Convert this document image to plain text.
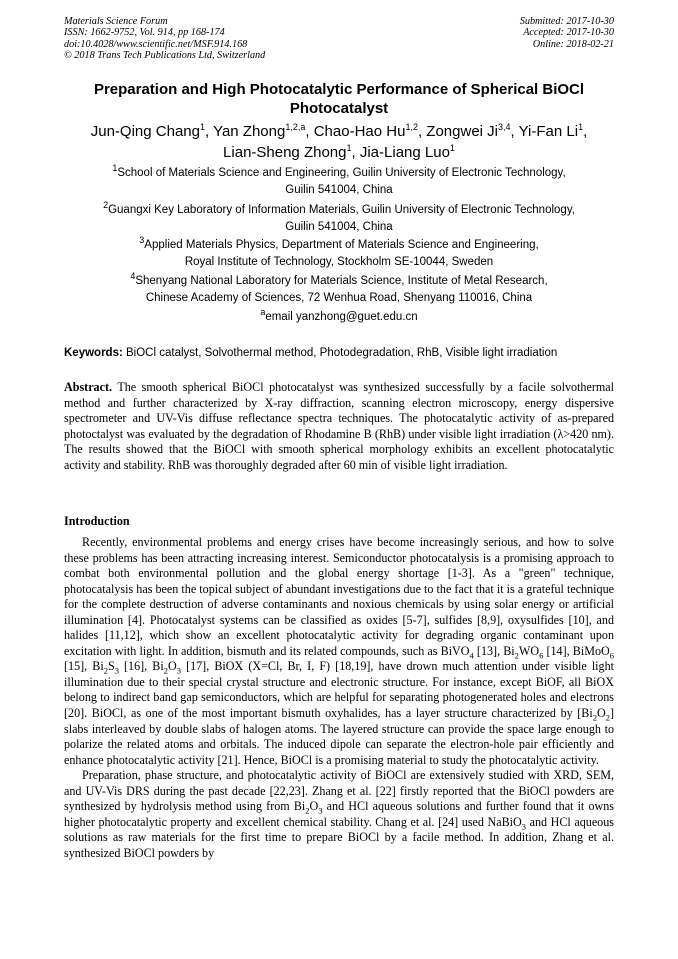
Materials Science Forum
ISSN: 1662-9752, Vol. 914, pp 168-174
doi:10.4028/www.scientific.net/MSF.914.168
© 2018 Trans Tech Publications Ltd, Switzerland
Submitted: 2017-10-30
Accepted: 2017-10-30
Online: 2018-02-21
Preparation and High Photocatalytic Performance of Spherical BiOCl Photocatalyst
Jun-Qing Chang$^1$, Yan Zhong$^{1,2,a}$, Chao-Hao Hu$^{1,2}$, Zongwei Ji$^{3,4}$, Yi-Fan Li$^1$,
Lian-Sheng Zhong$^1$, Jia-Liang Luo$^1$
$^1$School of Materials Science and Engineering, Guilin University of Electronic Technology,
Guilin 541004, China
$^2$Guangxi Key Laboratory of Information Materials, Guilin University of Electronic Technology,
Guilin 541004, China
$^3$Applied Materials Physics, Department of Materials Science and Engineering,
Royal Institute of Technology, Stockholm SE-10044, Sweden
$^4$Shenyang National Laboratory for Materials Science, Institute of Metal Research,
Chinese Academy of Sciences, 72 Wenhua Road, Shenyang 110016, China
$^a$email yanzhong@guet.edu.cn
Keywords: BiOCl catalyst, Solvothermal method, Photodegradation, RhB, Visible light irradiation

Abstract. The smooth spherical BiOCl photocatalyst was synthesized successfully by a facile solvothermal method and further characterized by X-ray diffraction, scanning electron microscopy, energy dispersive spectrometer and UV-Vis diffuse reflectance spectra techniques. The photocatalytic activity of as-prepared photoctalyst was evaluated by the degradation of Rhodamine B (RhB) under visible light irradiation (λ>420 nm). The results showed that the BiOCl with smooth spherical morphology exhibits an excellent photocatalytic activity and stability. RhB was thoroughly degraded after 60 min of visible light irradiation.

Introduction

Recently, environmental problems and energy crises have become increasingly serious, and how to solve these problems has been attracting increasing interest. Semiconductor photocatalysis is a promising approach to combat both environmental pollution and the global energy shortage [1-3]. As a "green" technique, photocatalysis has been the topical subject of abundant investigations due to the fact that it is a grateful technique for the complete destruction of adverse contaminants and noxious chemicals by using solar energy or artificial illumination [4]. Photocatalyst systems can be classified as oxides [5-7], sulfides [8,9], oxysulfides [10], and halides [11,12], which show an excellent photocatalytic activity for degrading organic contaminant upon excitation with light. In addition, bismuth and its related compounds, such as BiVO$_4$ [13], $Bi_2WO_6$ [14], BiMoO$_6$ [15], $Bi_2S_3$ [16], $Bi_2O_3$ [17], BiOX (X=Cl, Br, I, F) [18,19], have drown much attention under visible light illumination due to their special crystal structure and electronic structure. For instance, except BiOF, all BiOX belong to indirect band gap semiconductors, which are helpful for separating photogenerated holes and electrons [20]. BiOCl, as one of the most important bismuth oxyhalides, has a layer structure characterized by $[Bi_2O_2]$ slabs interleaved by double slabs of halogen atoms. The layered structure can provide the space large enough to polarize the related atoms and orbitals. The induced dipole can separate the electron-hole pair efficiently and enhance photocatalytic activity [21]. Hence, BiOCl is a promising material to study the photocatalytic activity.

Preparation, phase structure, and photocatalytic activity of BiOCl are extensively studied with XRD, SEM, and UV-Vis DRS during the past decade [22,23]. Zhang et al. [22] firstly reported that the BiOCl powders are synthesized by hydrolysis method using from $Bi_2O_3$ and HCl aqueous solutions and further found that it owns higher photocatalytic property and excellent chemical stability. Chang et al. [24] used NaBiO$_3$ and HCl aqueous solutions as raw materials for the first time to prepare BiOCl by a facile method. In addition, Zhang et al. synthesized BiOCl powders by
